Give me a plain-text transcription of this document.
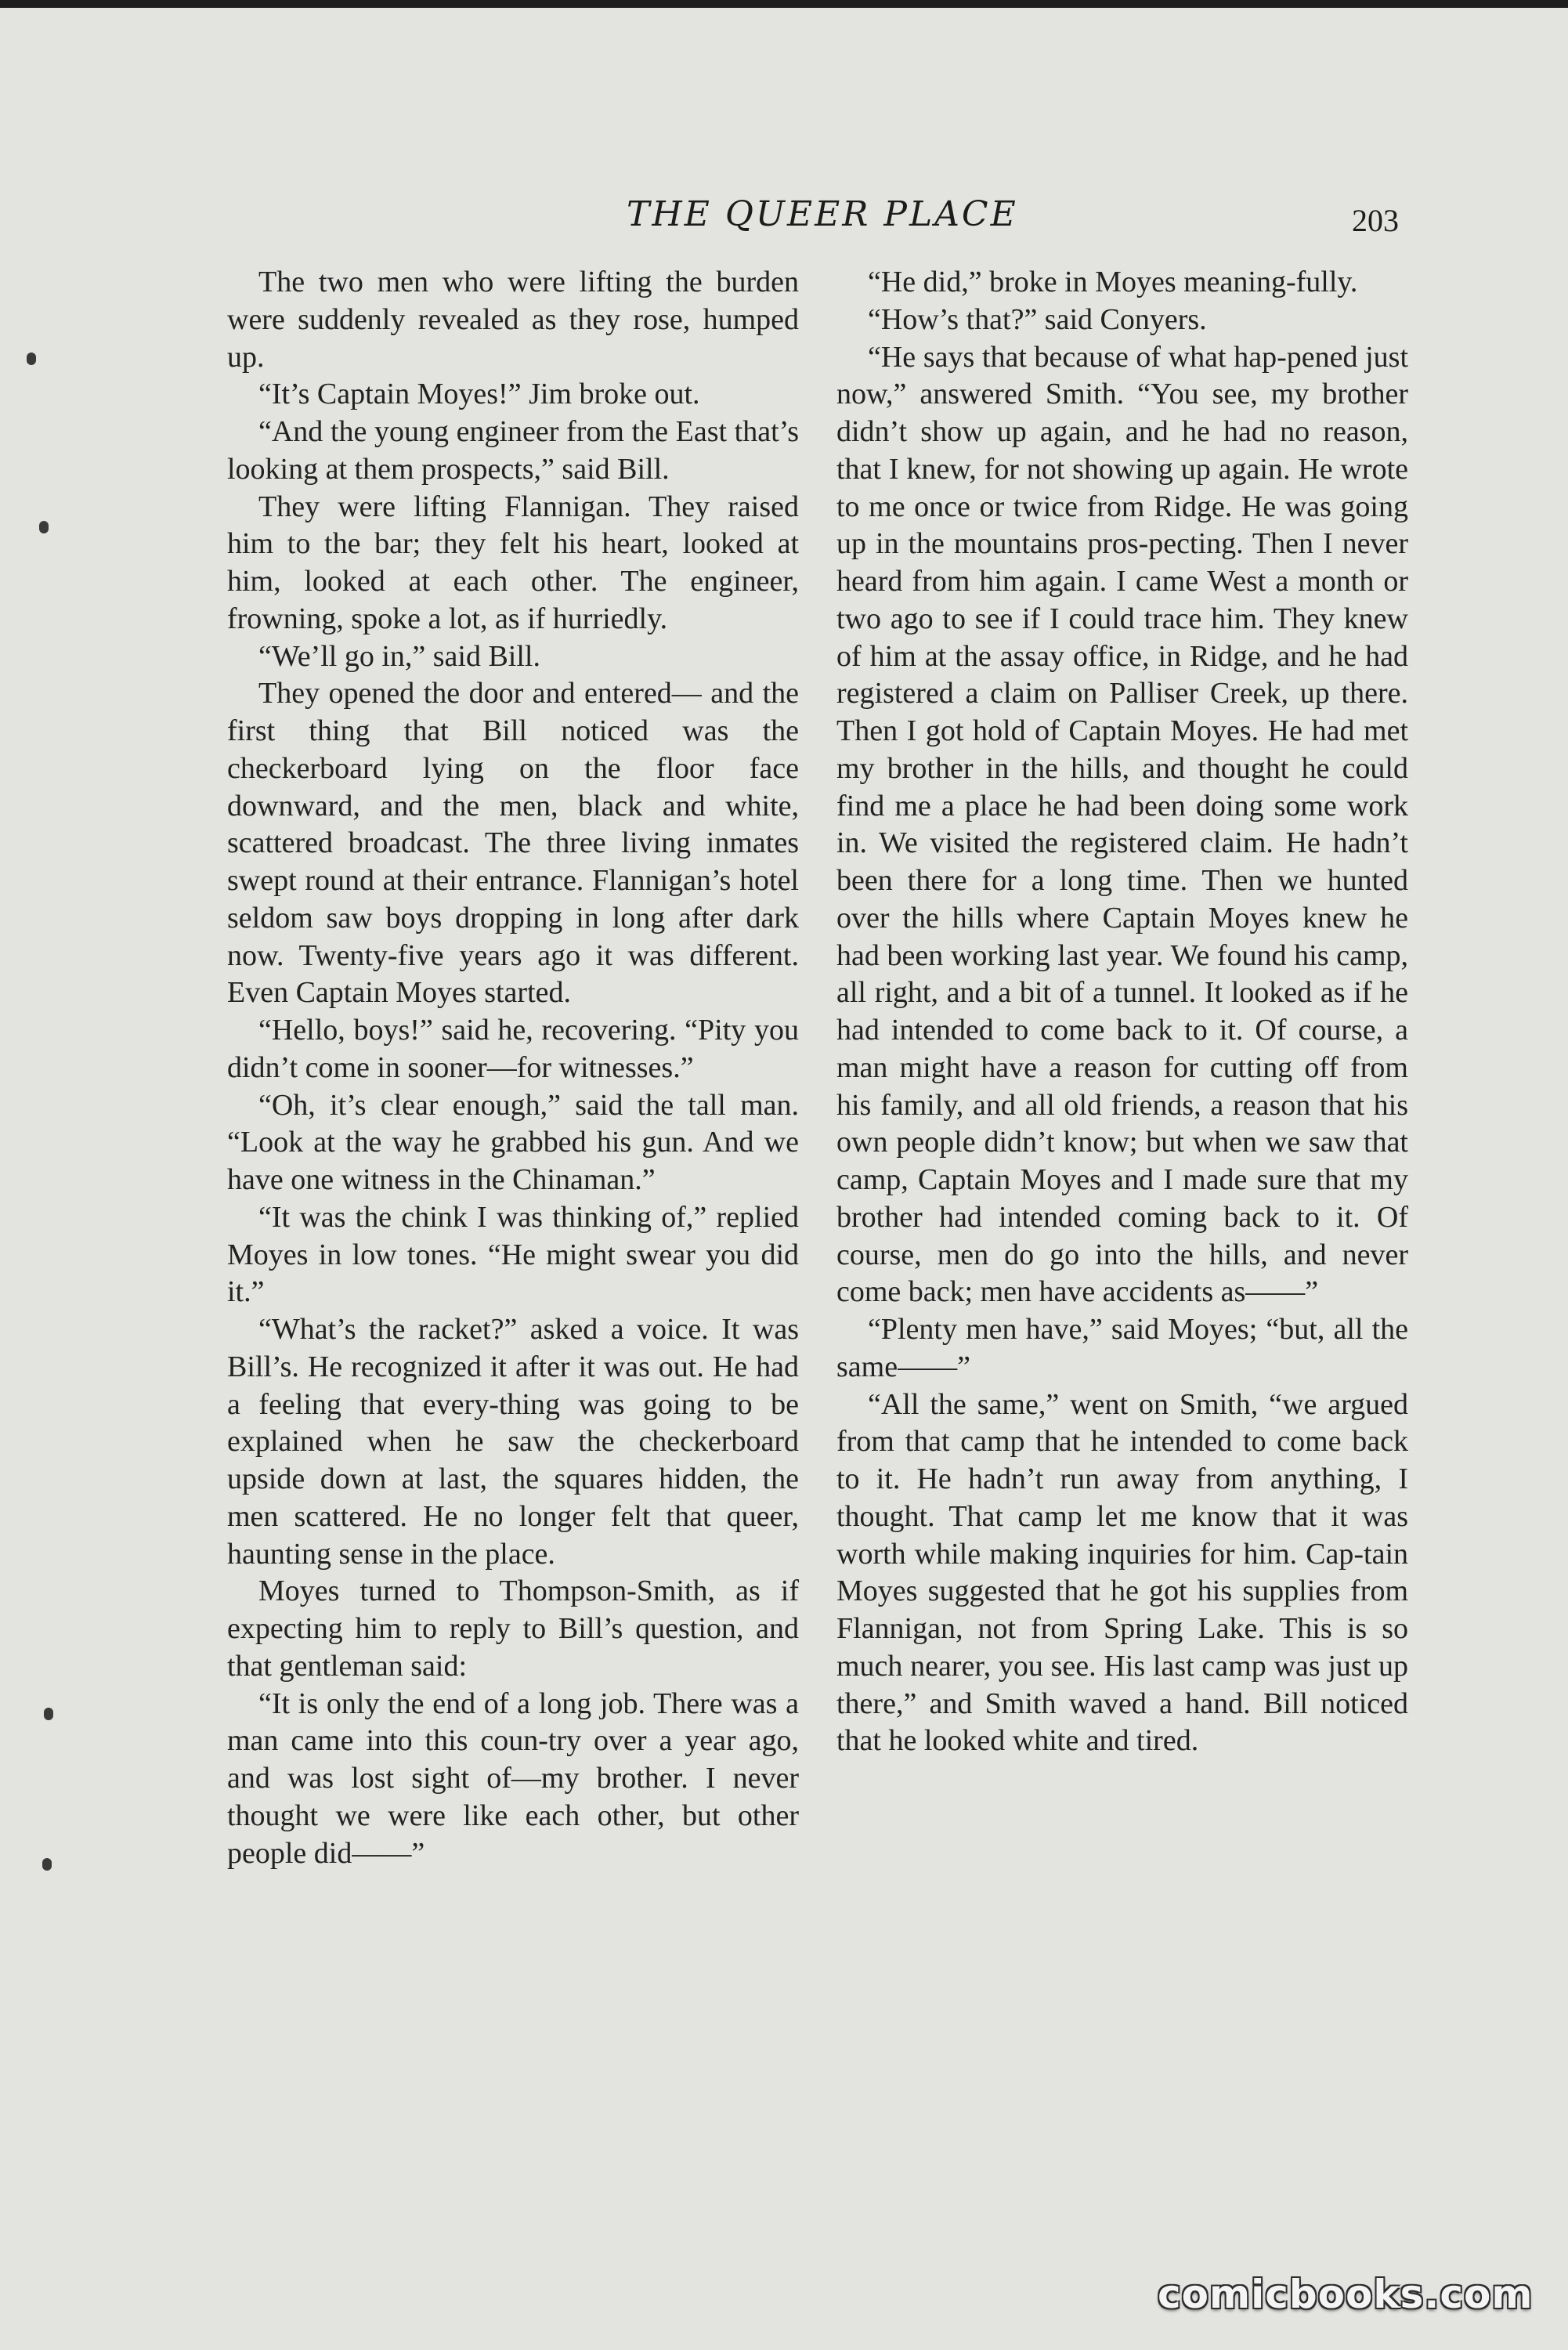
THE QUEER PLACE	203

The two men who were lifting the burden were suddenly revealed as they rose, humped up.

“It’s Captain Moyes!” Jim broke out.

“And the young engineer from the East that’s looking at them prospects,” said Bill.

They were lifting Flannigan. They raised him to the bar; they felt his heart, looked at him, looked at each other. The engineer, frowning, spoke a lot, as if hurriedly.

“We’ll go in,” said Bill.

They opened the door and entered— and the first thing that Bill noticed was the checkerboard lying on the floor face downward, and the men, black and white, scattered broadcast. The three living inmates swept round at their entrance. Flannigan’s hotel seldom saw boys dropping in long after dark now. Twenty-five years ago it was different. Even Captain Moyes started.

“Hello, boys!” said he, recovering. “Pity you didn’t come in sooner—for witnesses.”

“Oh, it’s clear enough,” said the tall man. “Look at the way he grabbed his gun. And we have one witness in the Chinaman.”

“It was the chink I was thinking of,” replied Moyes in low tones. “He might swear you did it.”

“What’s the racket?” asked a voice. It was Bill’s. He recognized it after it was out. He had a feeling that every-thing was going to be explained when he saw the checkerboard upside down at last, the squares hidden, the men scattered. He no longer felt that queer, haunting sense in the place.

Moyes turned to Thompson-Smith, as if expecting him to reply to Bill’s question, and that gentleman said:

“It is only the end of a long job. There was a man came into this coun-try over a year ago, and was lost sight of—my brother. I never thought we were like each other, but other people did——”

“He did,” broke in Moyes meaning-fully.

“How’s that?” said Conyers.

“He says that because of what hap-pened just now,” answered Smith. “You see, my brother didn’t show up again, and he had no reason, that I knew, for not showing up again. He wrote to me once or twice from Ridge. He was going up in the mountains pros-pecting. Then I never heard from him again. I came West a month or two ago to see if I could trace him. They knew of him at the assay office, in Ridge, and he had registered a claim on Palliser Creek, up there. Then I got hold of Captain Moyes. He had met my brother in the hills, and thought he could find me a place he had been doing some work in. We visited the registered claim. He hadn’t been there for a long time. Then we hunted over the hills where Captain Moyes knew he had been working last year. We found his camp, all right, and a bit of a tunnel. It looked as if he had intended to come back to it. Of course, a man might have a reason for cutting off from his family, and all old friends, a reason that his own people didn’t know; but when we saw that camp, Captain Moyes and I made sure that my brother had intended coming back to it. Of course, men do go into the hills, and never come back; men have accidents as——”

“Plenty men have,” said Moyes; “but, all the same——”

“All the same,” went on Smith, “we argued from that camp that he intended to come back to it. He hadn’t run away from anything, I thought. That camp let me know that it was worth while making inquiries for him. Cap-tain Moyes suggested that he got his supplies from Flannigan, not from Spring Lake. This is so much nearer, you see. His last camp was just up there,” and Smith waved a hand. Bill noticed that he looked white and tired.

comicbooks.com
